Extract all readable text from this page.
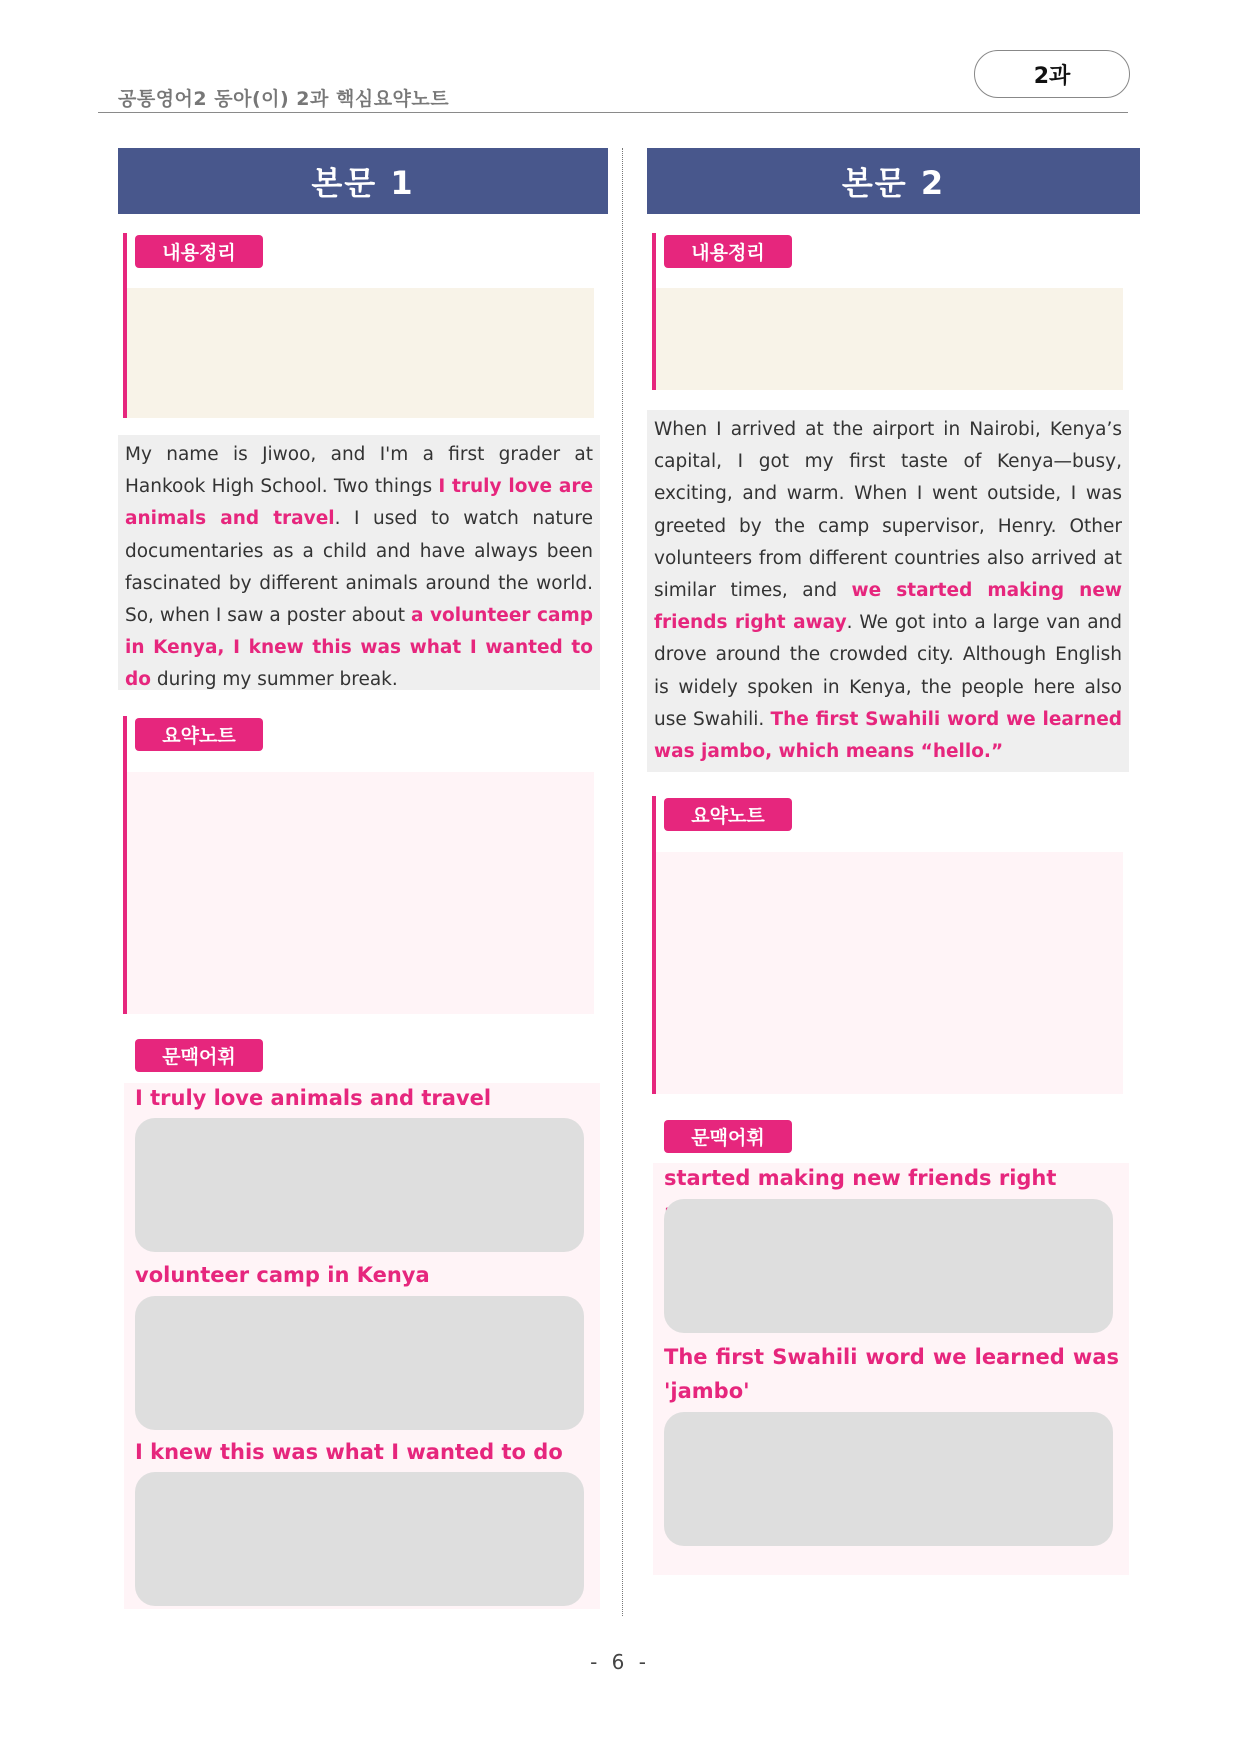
공통영어2 동아(이) 2과 핵심요약노트
2과
본문 1
내용정리
My name is Jiwoo, and I'm a first grader at Hankook High School. Two things I truly love are animals and travel. I used to watch nature documentaries as a child and have always been fascinated by different animals around the world. So, when I saw a poster about a volunteer camp in Kenya, I knew this was what I wanted to do during my summer break.
요약노트
문맥어휘
I truly love animals and travel
volunteer camp in Kenya
I knew this was what I wanted to do
본문 2
내용정리
When I arrived at the airport in Nairobi, Kenya’s capital, I got my first taste of Kenya—busy, exciting, and warm. When I went outside, I was greeted by the camp supervisor, Henry. Other volunteers from different countries also arrived at similar times, and we started making new friends right away. We got into a large van and drove around the crowded city. Although English is widely spoken in Kenya, the people here also use Swahili. The first Swahili word we learned was jambo, which means “hello.”
요약노트
문맥어휘
started making new friends right
The first Swahili word we learned was 'jambo'
- 6 -
